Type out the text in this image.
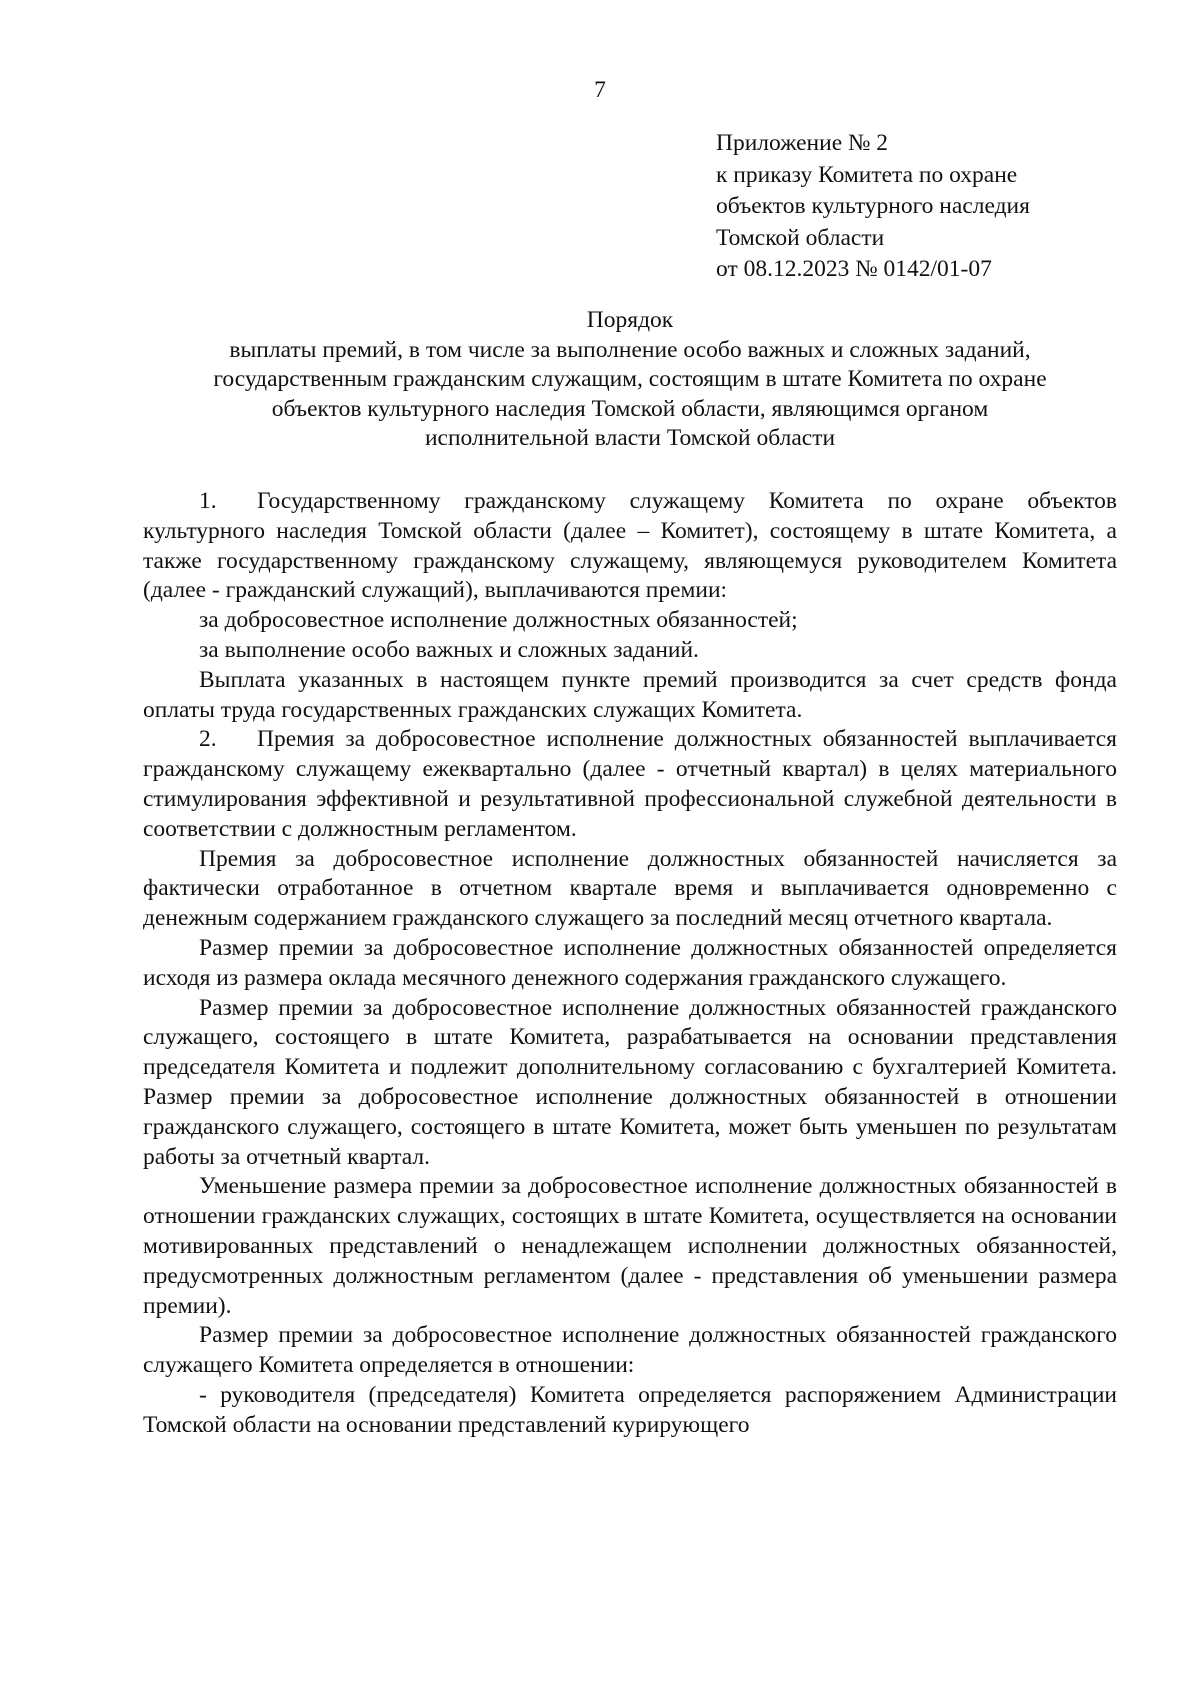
7
Приложение № 2
к приказу Комитета по охране
объектов культурного наследия
Томской области
от 08.12.2023 № 0142/01-07
Порядок
выплаты премий, в том числе за выполнение особо важных и сложных заданий,
государственным гражданским служащим, состоящим в штате Комитета по охране
объектов культурного наследия Томской области, являющимся органом
исполнительной власти Томской области

1. Государственному гражданскому служащему Комитета по охране объектов культурного наследия Томской области (далее – Комитет), состоящему в штате Комитета, а также государственному гражданскому служащему, являющемуся руководителем Комитета (далее - гражданский служащий), выплачиваются премии:

за добросовестное исполнение должностных обязанностей;

за выполнение особо важных и сложных заданий.

Выплата указанных в настоящем пункте премий производится за счет средств фонда оплаты труда государственных гражданских служащих Комитета.

2. Премия за добросовестное исполнение должностных обязанностей выплачивается гражданскому служащему ежеквартально (далее - отчетный квартал) в целях материального стимулирования эффективной и результативной профессиональной служебной деятельности в соответствии с должностным регламентом.

Премия за добросовестное исполнение должностных обязанностей начисляется за фактически отработанное в отчетном квартале время и выплачивается одновременно с денежным содержанием гражданского служащего за последний месяц отчетного квартала.

Размер премии за добросовестное исполнение должностных обязанностей определяется исходя из размера оклада месячного денежного содержания гражданского служащего.

Размер премии за добросовестное исполнение должностных обязанностей гражданского служащего, состоящего в штате Комитета, разрабатывается на основании представления председателя Комитета и подлежит дополнительному согласованию с бухгалтерией Комитета. Размер премии за добросовестное исполнение должностных обязанностей в отношении гражданского служащего, состоящего в штате Комитета, может быть уменьшен по результатам работы за отчетный квартал.

Уменьшение размера премии за добросовестное исполнение должностных обязанностей в отношении гражданских служащих, состоящих в штате Комитета, осуществляется на основании мотивированных представлений о ненадлежащем исполнении должностных обязанностей, предусмотренных должностным регламентом (далее - представления об уменьшении размера премии).

Размер премии за добросовестное исполнение должностных обязанностей гражданского служащего Комитета определяется в отношении:

- руководителя (председателя) Комитета определяется распоряжением Администрации Томской области на основании представлений курирующего
